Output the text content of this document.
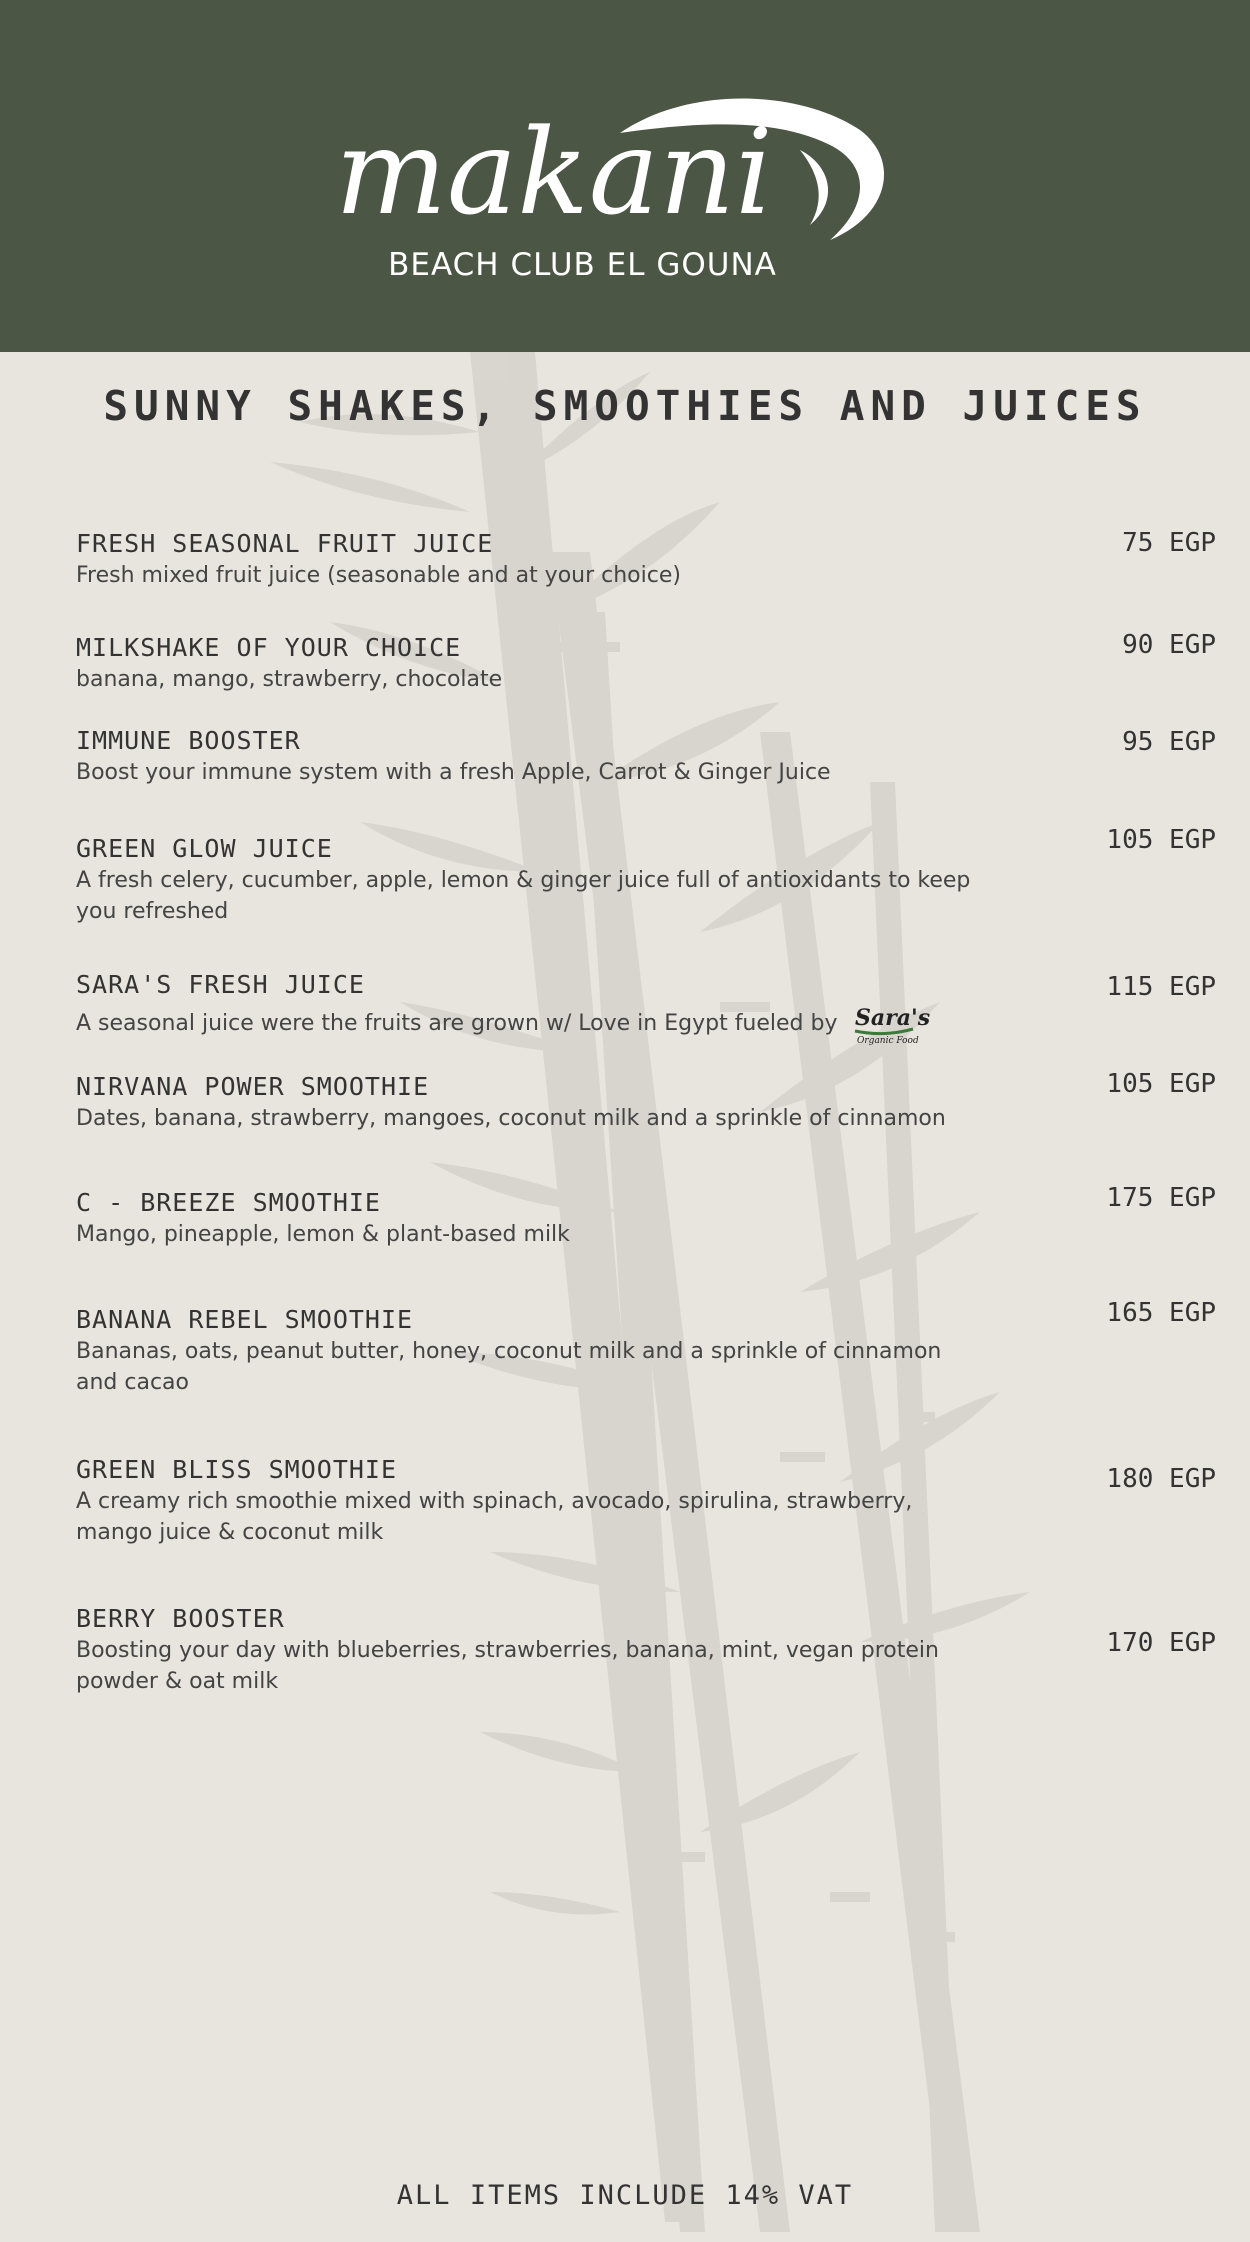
makani
BEACH CLUB EL GOUNA
SUNNY SHAKES, SMOOTHIES AND JUICES
FRESH SEASONAL FRUIT JUICE
Fresh mixed fruit juice (seasonable and at your choice)
75 EGP
MILKSHAKE OF YOUR CHOICE
banana, mango, strawberry, chocolate
90 EGP
IMMUNE BOOSTER
Boost your immune system with a fresh Apple, Carrot & Ginger Juice
95 EGP
GREEN GLOW JUICE
A fresh celery, cucumber, apple, lemon & ginger juice full of antioxidants to keep you refreshed
105 EGP
SARA'S FRESH JUICE
A seasonal juice were the fruits are grown w/ Love in Egypt fueled by Sara's
Organic Food
115 EGP
NIRVANA POWER SMOOTHIE
Dates, banana, strawberry, mangoes, coconut milk and a sprinkle of cinnamon
105 EGP
C - BREEZE SMOOTHIE
Mango, pineapple, lemon & plant-based milk
175 EGP
BANANA REBEL SMOOTHIE
Bananas, oats, peanut butter, honey, coconut milk and a sprinkle of cinnamon and cacao
165 EGP
GREEN BLISS SMOOTHIE
A creamy rich smoothie mixed with spinach, avocado, spirulina, strawberry, mango juice & coconut milk
180 EGP
BERRY BOOSTER
Boosting your day with blueberries, strawberries, banana, mint, vegan protein powder & oat milk
170 EGP
ALL ITEMS INCLUDE 14% VAT
